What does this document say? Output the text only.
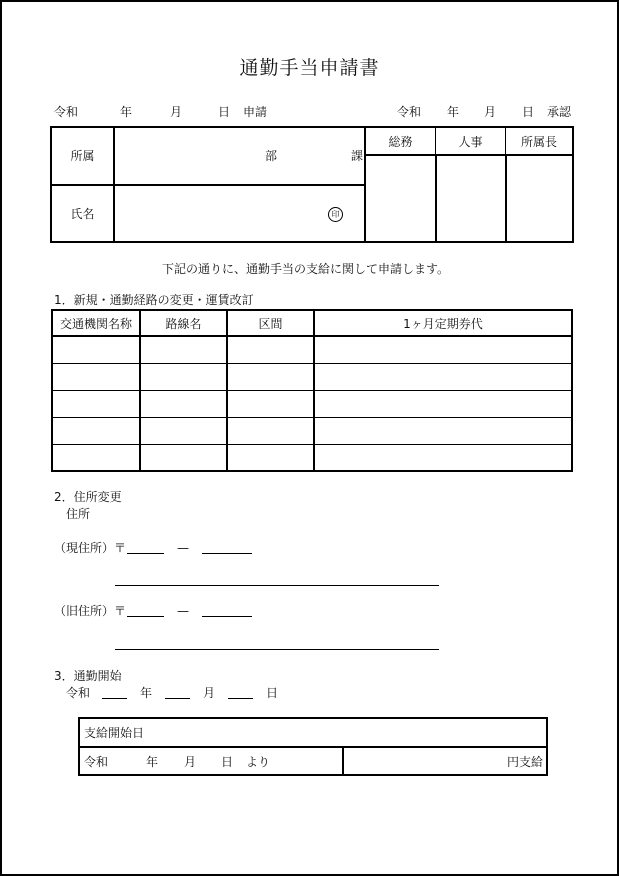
通勤手当申請書
令和	年	月	日 申請	令和 年 月 日 承認
所属	部 課	総務	人事	所属長

氏名	印			
下記の通りに、通勤手当の支給に関して申請します。
1．新規・通勤経路の変更・運賃改訂
交通機関名称	路線名	区間	1ヶ月定期券代

2．住所変更
住所
（現住所）〒	—
（旧住所）〒	—
3．通勤開始
令和	年	月	日
支給開始日

令和	年 月 日 より	円支給
